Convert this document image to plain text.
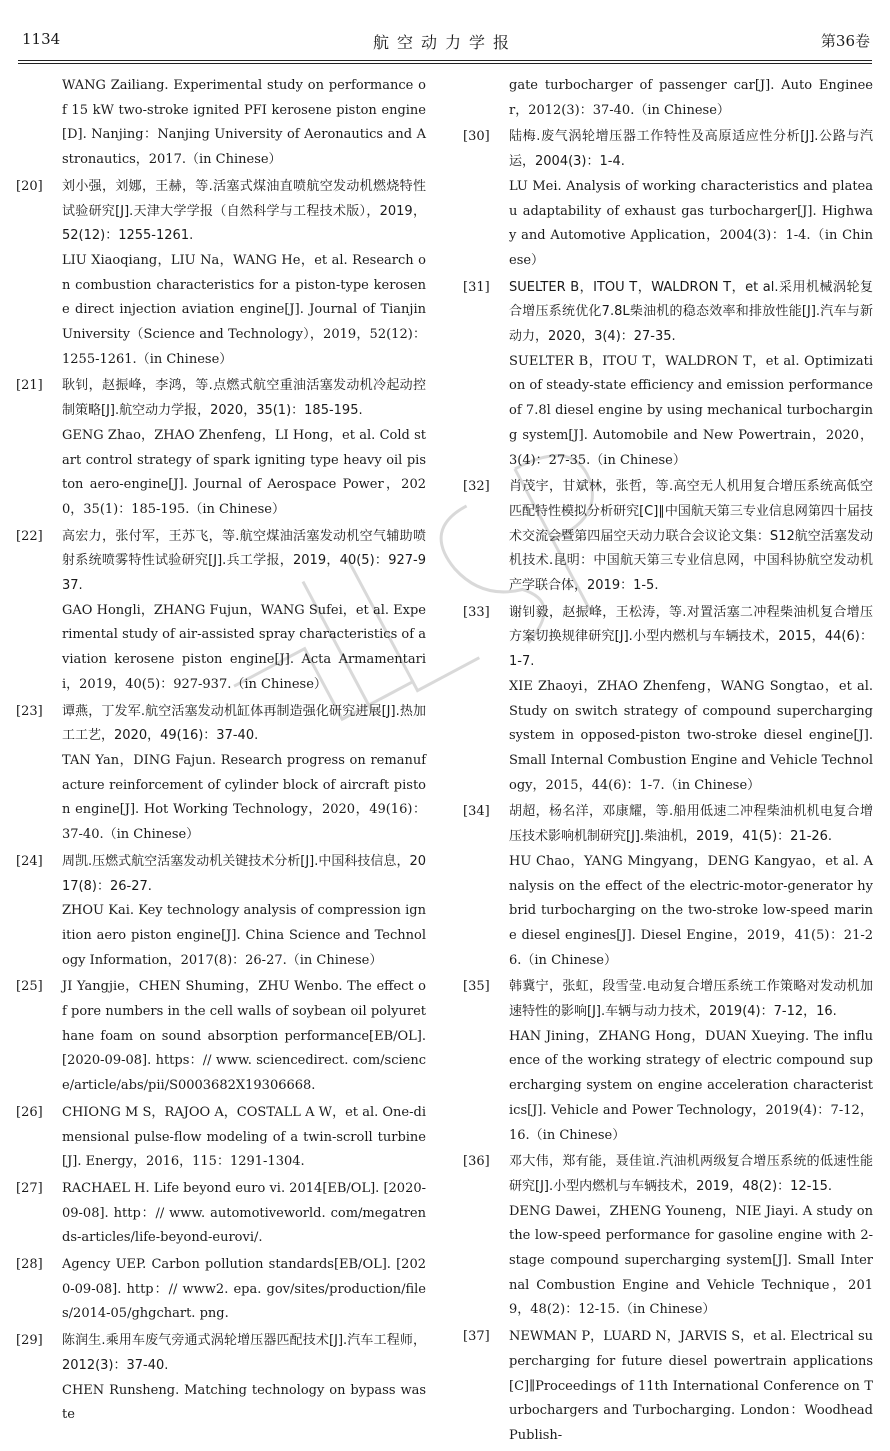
1134	航空动力学报	第36卷
WANG Zailiang. Experimental study on performance of 15 kW two-stroke ignited PFI kerosene piston engine[D]. Nanjing：Nanjing University of Aeronautics and Astronautics，2017.（in Chinese）
[20] 刘小强，刘娜，王赫，等.活塞式煤油直喷航空发动机燃烧特性试验研究[J].天津大学学报（自然科学与工程技术版），2019，52(12)：1255-1261.
LIU Xiaoqiang，LIU Na，WANG He，et al. Research on combustion characteristics for a piston-type kerosene direct injection aviation engine[J]. Journal of Tianjin University（Science and Technology），2019，52(12)：1255-1261.（in Chinese）
[21] 耿钊，赵振峰，李鸿，等.点燃式航空重油活塞发动机冷起动控制策略[J].航空动力学报，2020，35(1)：185-195.
GENG Zhao，ZHAO Zhenfeng，LI Hong，et al. Cold start control strategy of spark igniting type heavy oil piston aero-engine[J]. Journal of Aerospace Power，2020，35(1)：185-195.（in Chinese）
[22] 高宏力，张付军，王苏飞，等.航空煤油活塞发动机空气辅助喷射系统喷雾特性试验研究[J].兵工学报，2019，40(5)：927-937.
GAO Hongli，ZHANG Fujun，WANG Sufei，et al. Experimental study of air-assisted spray characteristics of aviation kerosene piston engine[J]. Acta Armamentarii，2019，40(5)：927-937.（in Chinese）
[23] 谭燕，丁发军.航空活塞发动机缸体再制造强化研究进展[J].热加工工艺，2020，49(16)：37-40.
TAN Yan，DING Fajun. Research progress on remanufacture reinforcement of cylinder block of aircraft piston engine[J]. Hot Working Technology，2020，49(16)：37-40.（in Chinese）
[24] 周凯.压燃式航空活塞发动机关键技术分析[J].中国科技信息，2017(8)：26-27.
ZHOU Kai. Key technology analysis of compression ignition aero piston engine[J]. China Science and Technology Information，2017(8)：26-27.（in Chinese）
[25] JI Yangjie，CHEN Shuming，ZHU Wenbo. The effect of pore numbers in the cell walls of soybean oil polyurethane foam on sound absorption performance[EB/OL]. [2020-09-08]. https：// www. sciencedirect. com/science/article/abs/pii/S0003682X19306668.
[26] CHIONG M S，RAJOO A，COSTALL A W，et al. One-dimensional pulse-flow modeling of a twin-scroll turbine[J]. Energy，2016，115：1291-1304.
[27] RACHAEL H. Life beyond euro vi. 2014[EB/OL]. [2020-09-08]. http：// www. automotiveworld. com/megatrends-articles/life-beyond-eurovi/.
[28] Agency UEP. Carbon pollution standards[EB/OL]. [2020-09-08]. http：// www2. epa. gov/sites/production/files/2014-05/ghgchart. png.
[29] 陈润生.乘用车废气旁通式涡轮增压器匹配技术[J].汽车工程师，2012(3)：37-40.
CHEN Runsheng. Matching technology on bypass waste
gate turbocharger of passenger car[J]. Auto Engineer，2012(3)：37-40.（in Chinese）
[30] 陆梅.废气涡轮增压器工作特性及高原适应性分析[J].公路与汽运，2004(3)：1-4.
LU Mei. Analysis of working characteristics and plateau adaptability of exhaust gas turbocharger[J]. Highway and Automotive Application，2004(3)：1-4.（in Chinese）
[31] SUELTER B，ITOU T，WALDRON T，et al.采用机械涡轮复合增压系统优化7.8L柴油机的稳态效率和排放性能[J].汽车与新动力，2020，3(4)：27-35.
SUELTER B，ITOU T，WALDRON T，et al. Optimization of steady-state efficiency and emission performance of 7.8l diesel engine by using mechanical turbocharging system[J]. Automobile and New Powertrain，2020，3(4)：27-35.（in Chinese）
[32] 肖茂宇，甘斌林，张哲，等.高空无人机用复合增压系统高低空匹配特性模拟分析研究[C]∥中国航天第三专业信息网第四十届技术交流会暨第四届空天动力联合会议论文集：S12航空活塞发动机技术.昆明：中国航天第三专业信息网，中国科协航空发动机产学联合体，2019：1-5.
[33] 谢钊毅，赵振峰，王松涛，等.对置活塞二冲程柴油机复合增压方案切换规律研究[J].小型内燃机与车辆技术，2015，44(6)：1-7.
XIE Zhaoyi，ZHAO Zhenfeng，WANG Songtao，et al. Study on switch strategy of compound supercharging system in opposed-piston two-stroke diesel engine[J]. Small Internal Combustion Engine and Vehicle Technology，2015，44(6)：1-7.（in Chinese）
[34] 胡超，杨名洋，邓康耀，等.船用低速二冲程柴油机机电复合增压技术影响机制研究[J].柴油机，2019，41(5)：21-26.
HU Chao，YANG Mingyang，DENG Kangyao，et al. Analysis on the effect of the electric-motor-generator hybrid turbocharging on the two-stroke low-speed marine diesel engines[J]. Diesel Engine，2019，41(5)：21-26.（in Chinese）
[35] 韩冀宁，张虹，段雪莹.电动复合增压系统工作策略对发动机加速特性的影响[J].车辆与动力技术，2019(4)：7-12，16.
HAN Jining，ZHANG Hong，DUAN Xueying. The influence of the working strategy of electric compound supercharging system on engine acceleration characteristics[J]. Vehicle and Power Technology，2019(4)：7-12，16.（in Chinese）
[36] 邓大伟，郑有能，聂佳谊.汽油机两级复合增压系统的低速性能研究[J].小型内燃机与车辆技术，2019，48(2)：12-15.
DENG Dawei，ZHENG Youneng，NIE Jiayi. A study on the low-speed performance for gasoline engine with 2-stage compound supercharging system[J]. Small Internal Combustion Engine and Vehicle Technique，2019，48(2)：12-15.（in Chinese）
[37] NEWMAN P，LUARD N，JARVIS S，et al. Electrical supercharging for future diesel powertrain applications[C]∥Proceedings of 11th International Conference on Turbochargers and Turbocharging. London：Woodhead Publish-
